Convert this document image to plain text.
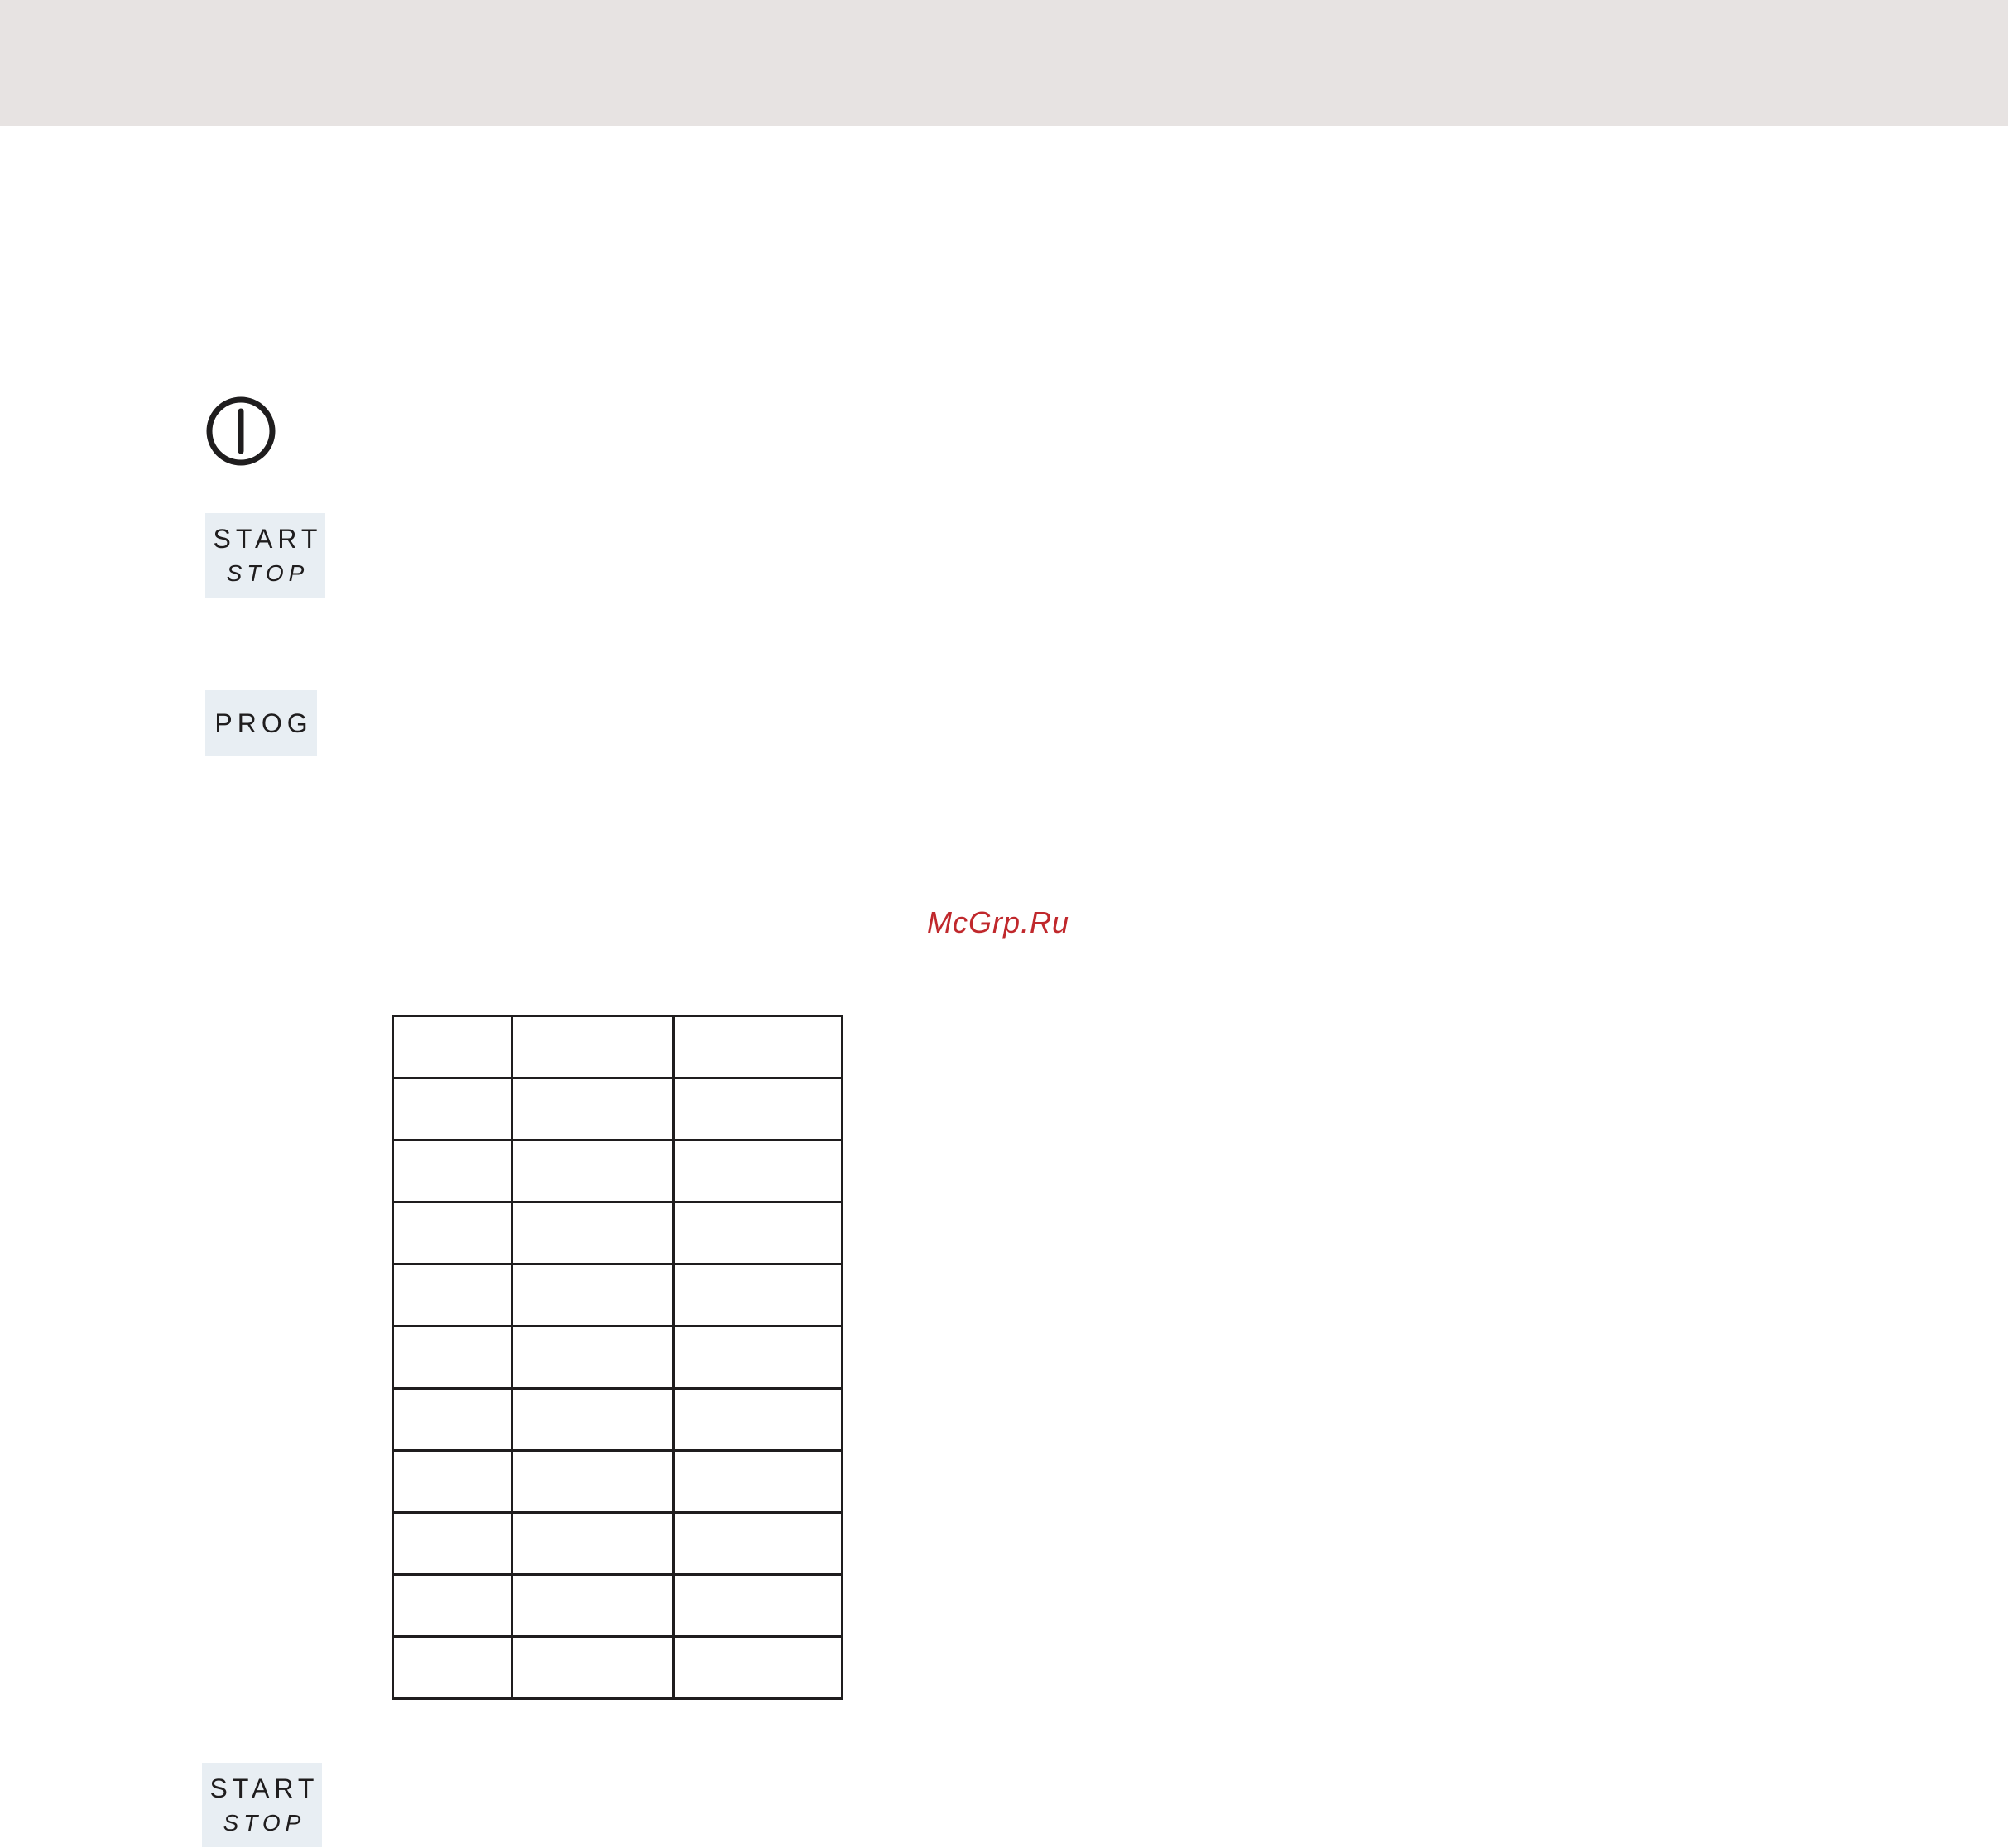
START
STOP
PROG
McGrp.Ru

START
STOP
